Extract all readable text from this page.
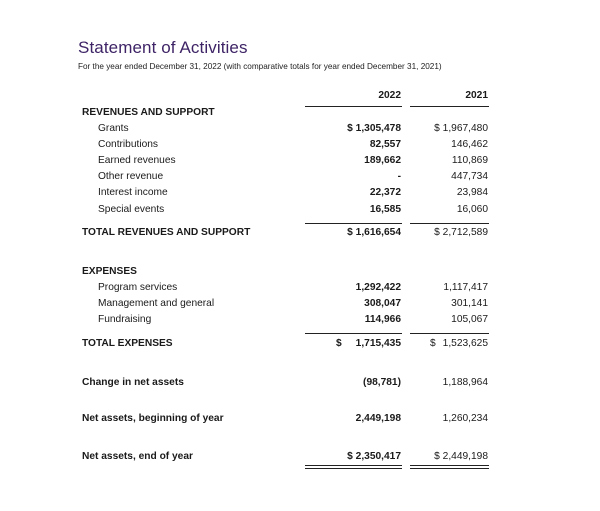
Statement of Activities
For the year ended December 31, 2022 (with comparative totals for year ended December 31, 2021)
2022	2021
REVENUES AND SUPPORT
Grants	$ 1,305,478	$ 1,967,480
Contributions	82,557	146,462
Earned revenues	189,662	110,869
Other revenue	-	447,734
Interest income	22,372	23,984
Special events	16,585	16,060
TOTAL REVENUES AND SUPPORT	$ 1,616,654	$ 2,712,589
EXPENSES
Program services	1,292,422	1,117,417
Management and general	308,047	301,141
Fundraising	114,966	105,067
TOTAL EXPENSES	$ 1,715,435	$ 1,523,625
Change in net assets	(98,781)	1,188,964
Net assets, beginning of year	2,449,198	1,260,234
Net assets, end of year	$ 2,350,417	$ 2,449,198
